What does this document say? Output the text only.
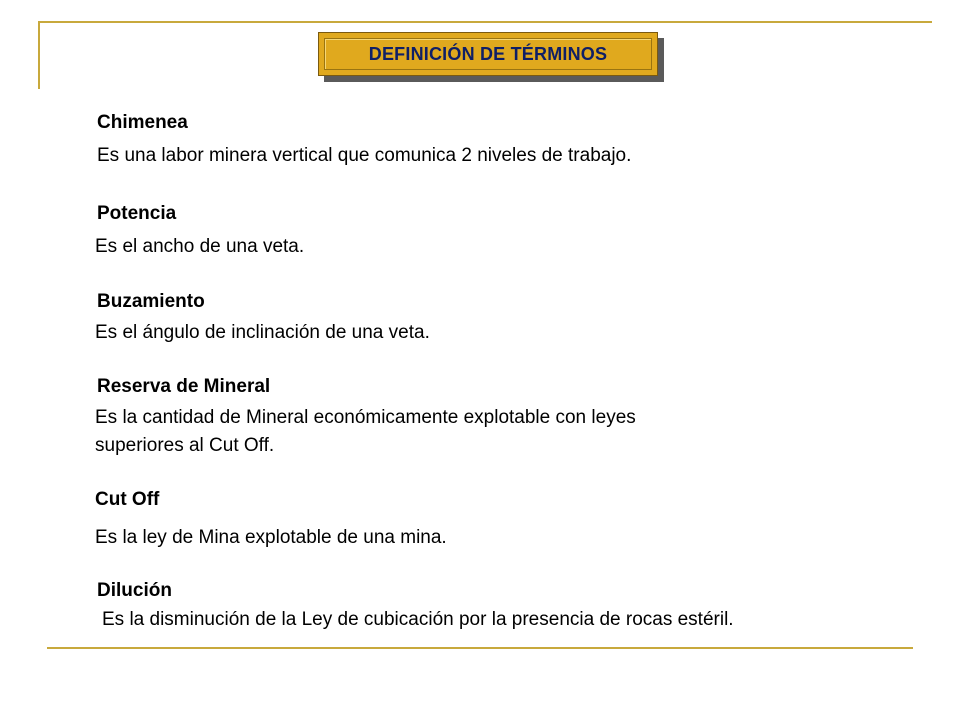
DEFINICIÓN DE TÉRMINOS
Chimenea
Es una labor minera vertical que comunica 2 niveles de trabajo.
Potencia
Es el ancho de una veta.
Buzamiento
Es el ángulo de inclinación de una veta.
Reserva de Mineral
Es la cantidad de Mineral económicamente explotable con leyes
superiores al Cut Off.
Cut Off
Es la ley de Mina explotable de una mina.
Dilución
Es la disminución de la Ley de cubicación por la presencia de rocas estéril.
